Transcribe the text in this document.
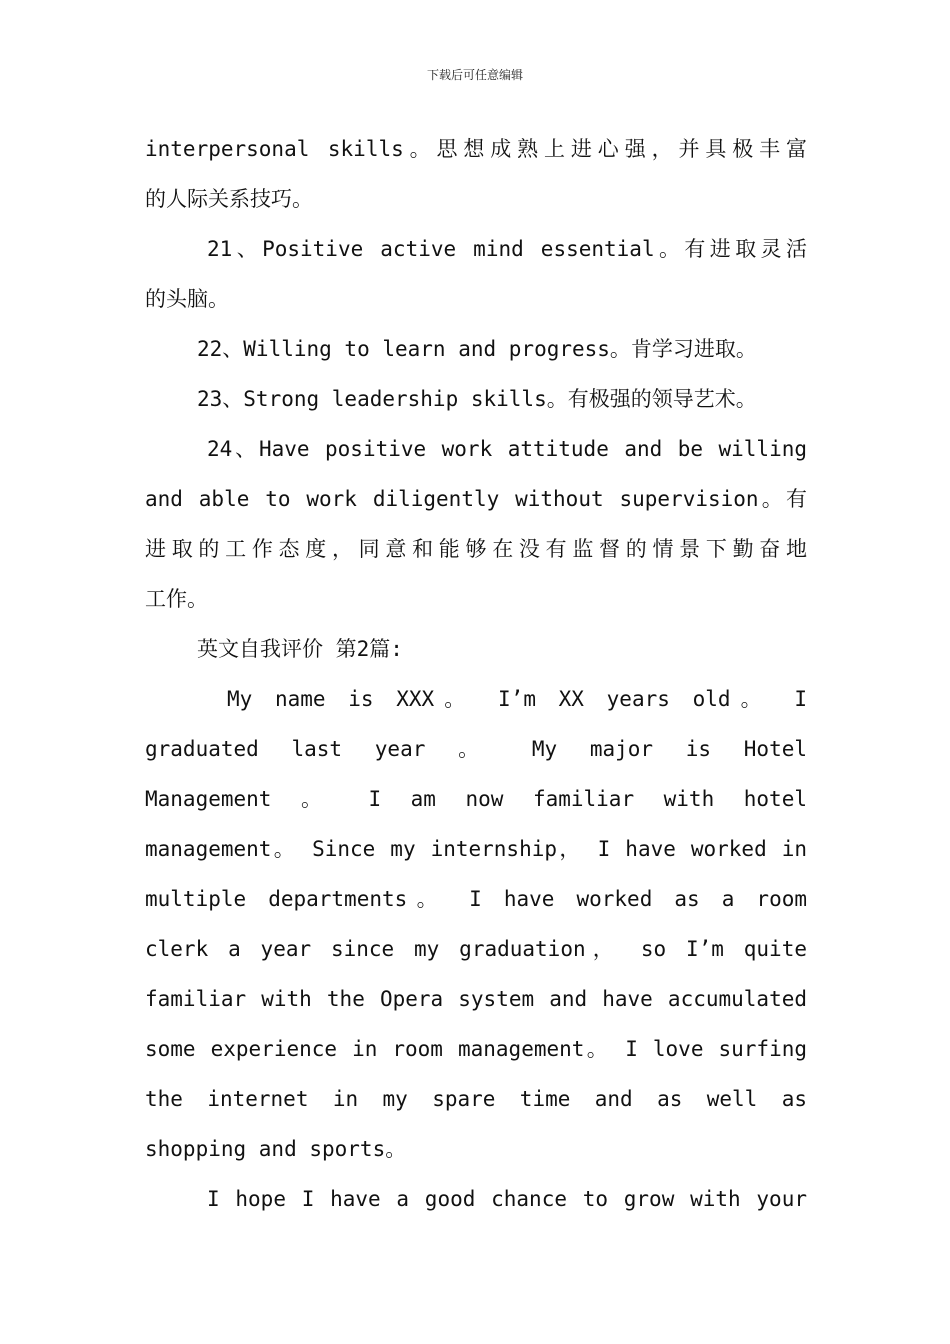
下载后可任意编辑
interpersonal skills。思想成熟上进心强，并具极丰富
的人际关系技巧。
21、Positive active mind essential。有进取灵活
的头脑。
22、Willing to learn and progress。肯学习进取。
23、Strong leadership skills。有极强的领导艺术。
24、Have positive work attitude and be willing
and able to work diligently without supervision。有
进取的工作态度，同意和能够在没有监督的情景下勤奋地
工作。
英文自我评价 第2篇:
My name is XXX。 I’m XX years old。 I
graduated last year 。 My major is Hotel
Management 。 I am now familiar with hotel
management。 Since my internship， I have worked in
multiple departments。 I have worked as a room
clerk a year since my graduation， so I’m quite
familiar with the Opera system and have accumulated
some experience in room management。 I love surfing
the internet in my spare time and as well as
shopping and sports。
I hope I have a good chance to grow with your
